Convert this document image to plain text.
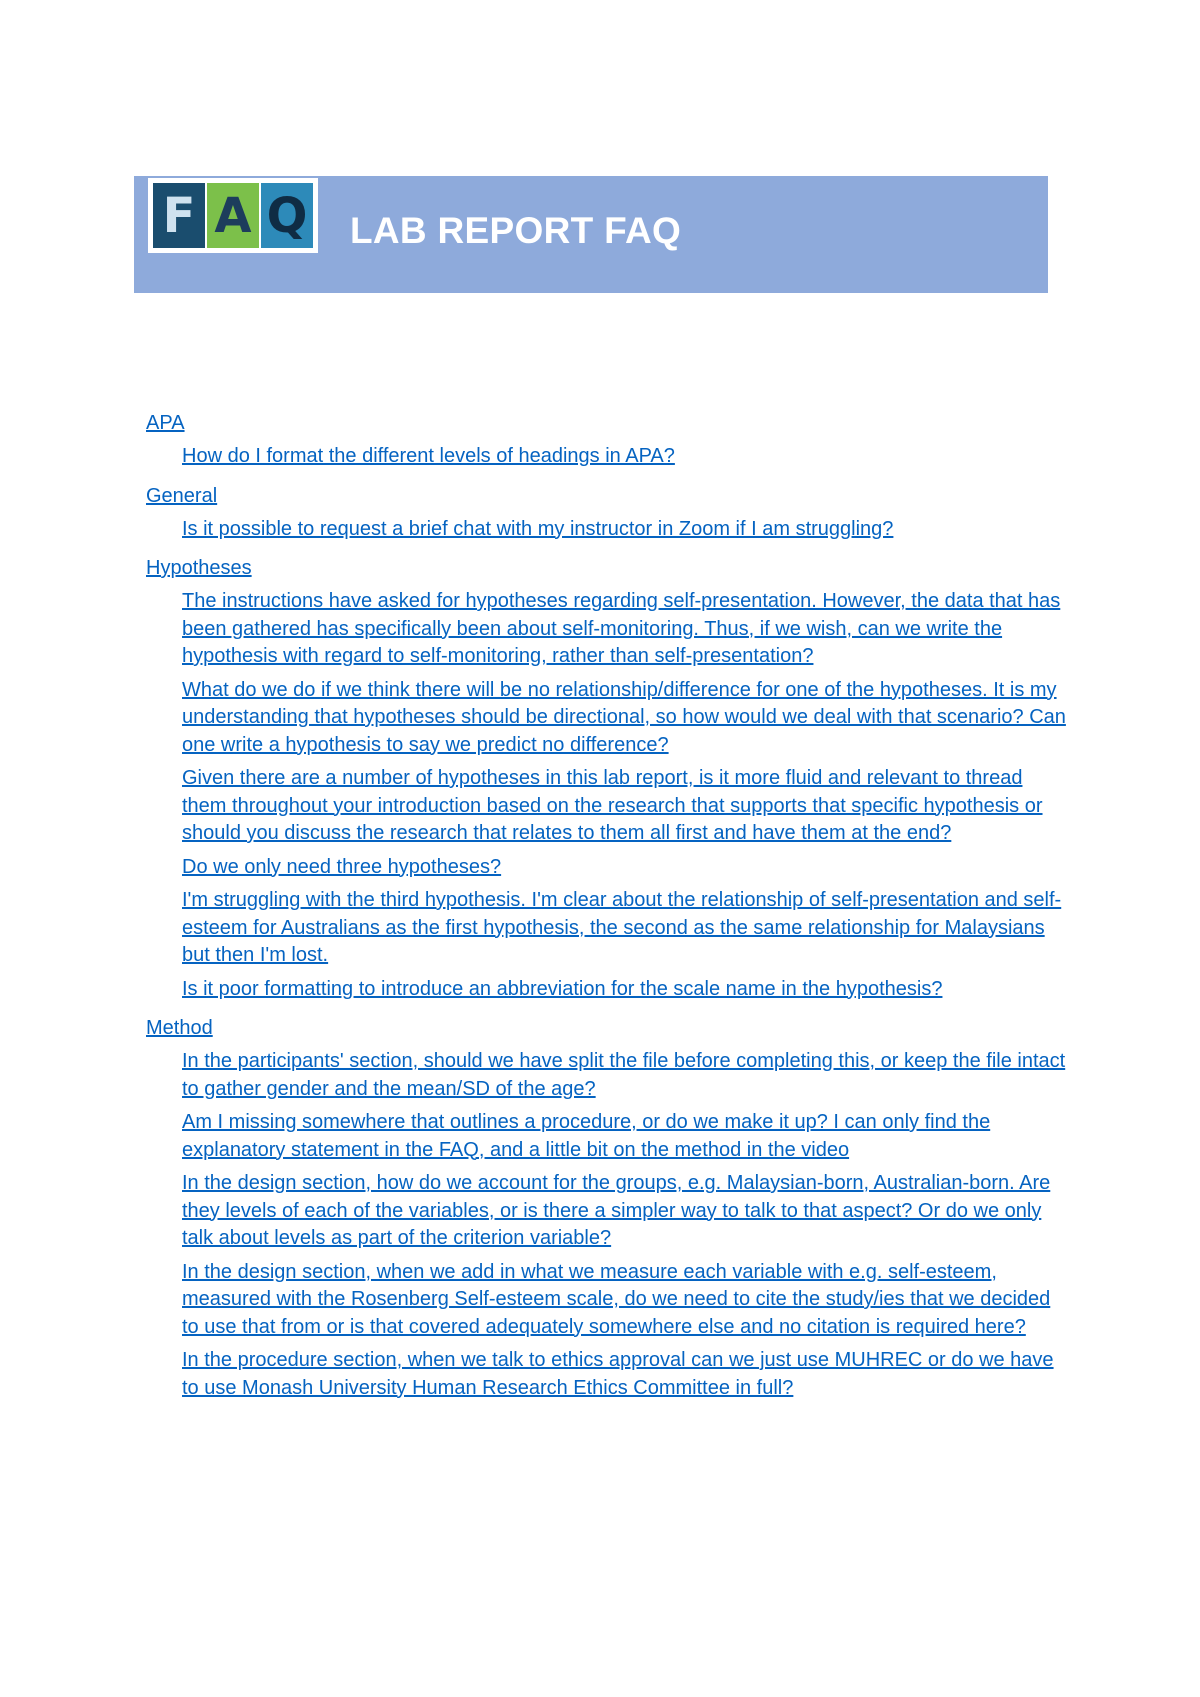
F A Q LAB REPORT FAQ
APA
How do I format the different levels of headings in APA?
General
Is it possible to request a brief chat with my instructor in Zoom if I am struggling?
Hypotheses
The instructions have asked for hypotheses regarding self-presentation. However, the data that has been gathered has specifically been about self-monitoring. Thus, if we wish, can we write the hypothesis with regard to self-monitoring, rather than self-presentation?
What do we do if we think there will be no relationship/difference for one of the hypotheses. It is my understanding that hypotheses should be directional, so how would we deal with that scenario? Can one write a hypothesis to say we predict no difference?
Given there are a number of hypotheses in this lab report, is it more fluid and relevant to thread them throughout your introduction based on the research that supports that specific hypothesis or should you discuss the research that relates to them all first and have them at the end?
Do we only need three hypotheses?
I'm struggling with the third hypothesis. I'm clear about the relationship of self-presentation and self-esteem for Australians as the first hypothesis, the second as the same relationship for Malaysians but then I'm lost.
Is it poor formatting to introduce an abbreviation for the scale name in the hypothesis?
Method
In the participants' section, should we have split the file before completing this, or keep the file intact to gather gender and the mean/SD of the age?
Am I missing somewhere that outlines a procedure, or do we make it up? I can only find the explanatory statement in the FAQ, and a little bit on the method in the video
In the design section, how do we account for the groups, e.g. Malaysian-born, Australian-born. Are they levels of each of the variables, or is there a simpler way to talk to that aspect? Or do we only talk about levels as part of the criterion variable?
In the design section, when we add in what we measure each variable with e.g. self-esteem, measured with the Rosenberg Self-esteem scale, do we need to cite the study/ies that we decided to use that from or is that covered adequately somewhere else and no citation is required here?
In the procedure section, when we talk to ethics approval can we just use MUHREC or do we have to use Monash University Human Research Ethics Committee in full?
